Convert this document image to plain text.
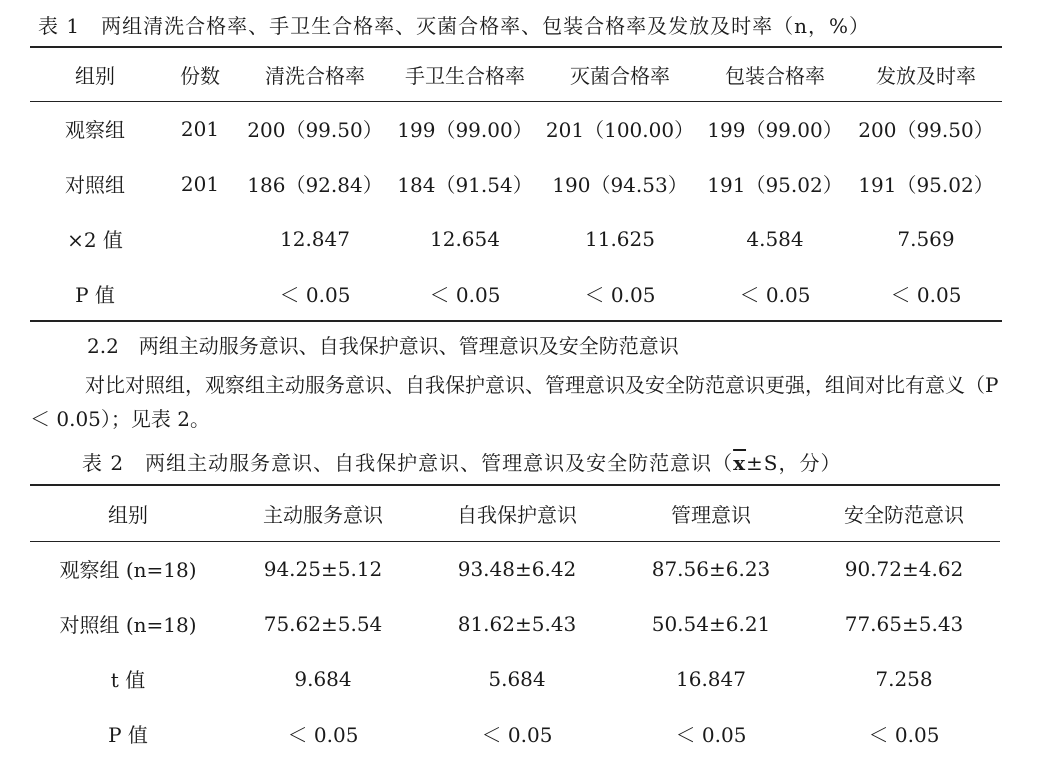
表 1　两组清洗合格率、手卫生合格率、灭菌合格率、包装合格率及发放及时率（n，%）
组别	份数	清洗合格率	手卫生合格率	灭菌合格率	包装合格率	发放及时率
观察组	201	200（99.50）	199（99.00）	201（100.00）	199（99.00）	200（99.50）
对照组	201	186（92.84）	184（91.54）	190（94.53）	191（95.02）	191（95.02）
×2 值		12.847	12.654	11.625	4.584	7.569
P 值		＜ 0.05	＜ 0.05	＜ 0.05	＜ 0.05	＜ 0.05
2.2　两组主动服务意识、自我保护意识、管理意识及安全防范意识
对比对照组，观察组主动服务意识、自我保护意识、管理意识及安全防范意识更强，组间对比有意义（P ＜ 0.05）；见表 2。
表 2　两组主动服务意识、自我保护意识、管理意识及安全防范意识（$\overline{x}\pm S$，分）
组别	主动服务意识	自我保护意识	管理意识	安全防范意识
观察组 (n=18)	94.25±5.12	93.48±6.42	87.56±6.23	90.72±4.62
对照组 (n=18)	75.62±5.54	81.62±5.43	50.54±6.21	77.65±5.43
t 值	9.684	5.684	16.847	7.258
P 值	＜ 0.05	＜ 0.05	＜ 0.05	＜ 0.05
